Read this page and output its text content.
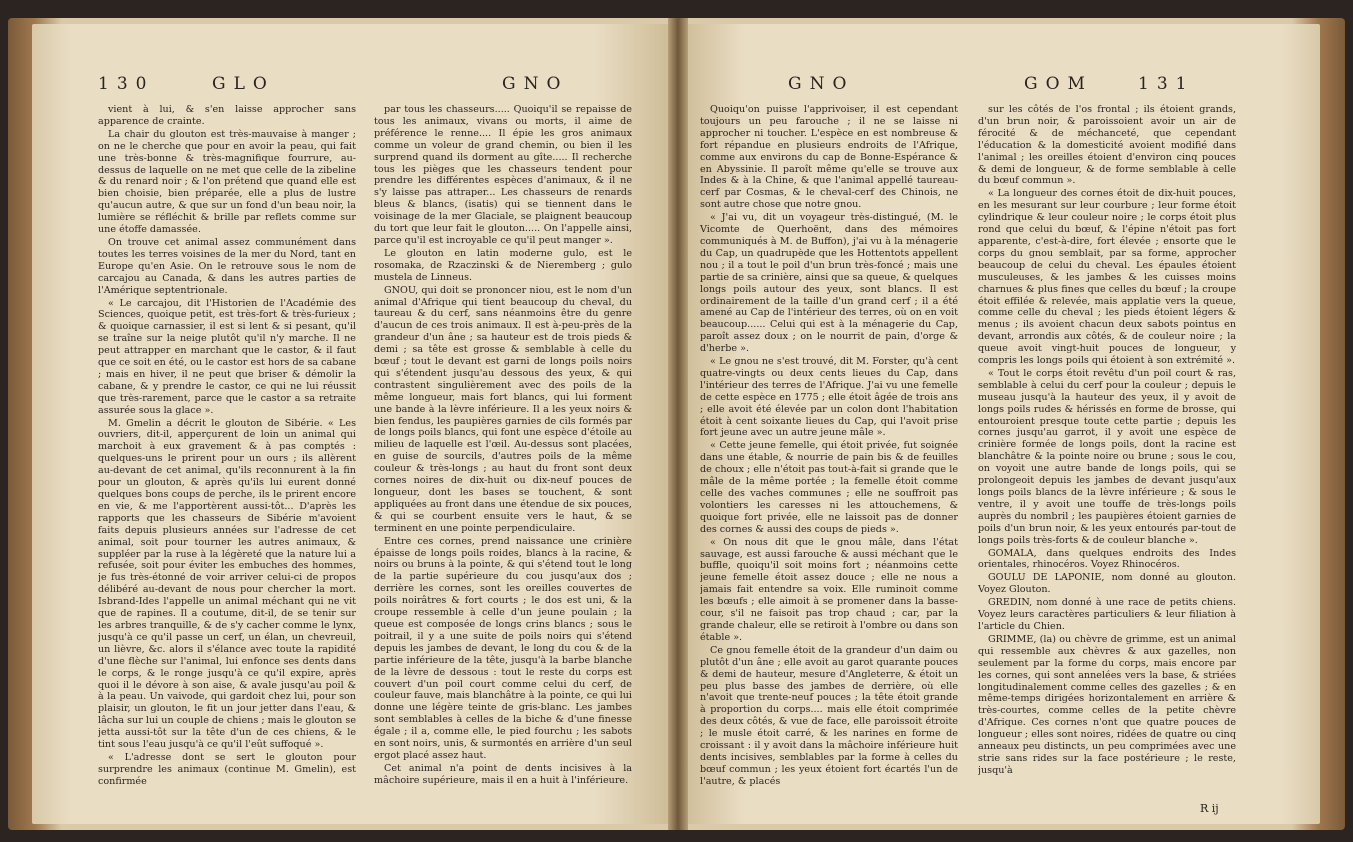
130	GLO	GNO

vient à lui, & s'en laisse approcher sans apparence de crainte.

La chair du glouton est très-mauvaise à manger ; on ne le cherche que pour en avoir la peau, qui fait une très-bonne & très-magnifique fourrure, au-dessus de laquelle on ne met que celle de la zibeline & du renard noir ; & l'on prétend que quand elle est bien choisie, bien préparée, elle a plus de lustre qu'aucun autre, & que sur un fond d'un beau noir, la lumière se réfléchit & brille par reflets comme sur une étoffe damassée.

On trouve cet animal assez communément dans toutes les terres voisines de la mer du Nord, tant en Europe qu'en Asie. On le retrouve sous le nom de carcajou au Canada, & dans les autres parties de l'Amérique septentrionale.

« Le carcajou, dit l'Historien de l'Académie des Sciences, quoique petit, est très-fort & très-furieux ; & quoique carnassier, il est si lent & si pesant, qu'il se traîne sur la neige plutôt qu'il n'y marche. Il ne peut attrapper en marchant que le castor, & il faut que ce soit en été, ou le castor est hors de sa cabane ; mais en hiver, il ne peut que briser & démolir la cabane, & y prendre le castor, ce qui ne lui réussit que très-rarement, parce que le castor a sa retraite assurée sous la glace ».

M. Gmelin a décrit le glouton de Sibérie. « Les ouvriers, dit-il, apperçurent de loin un animal qui marchoit à eux gravement & à pas comptés : quelques-uns le prirent pour un ours ; ils allèrent au-devant de cet animal, qu'ils reconnurent à la fin pour un glouton, & après qu'ils lui eurent donné quelques bons coups de perche, ils le prirent encore en vie, & me l'apportèrent aussi-tôt... D'après les rapports que les chasseurs de Sibérie m'avoient faits depuis plusieurs années sur l'adresse de cet animal, soit pour tourner les autres animaux, & suppléer par la ruse à la légèreté que la nature lui a refusée, soit pour éviter les embuches des hommes, je fus très-étonné de voir arriver celui-ci de propos délibéré au-devant de nous pour chercher la mort. Isbrand-Ides l'appelle un animal méchant qui ne vit que de rapines. Il a coutume, dit-il, de se tenir sur les arbres tranquille, & de s'y cacher comme le lynx, jusqu'à ce qu'il passe un cerf, un élan, un chevreuil, un lièvre, &c. alors il s'élance avec toute la rapidité d'une flèche sur l'animal, lui enfonce ses dents dans le corps, & le ronge jusqu'à ce qu'il expire, après quoi il le dévore à son aise, & avale jusqu'au poil & à la peau. Un vaivode, qui gardoit chez lui, pour son plaisir, un glouton, le fit un jour jetter dans l'eau, & lâcha sur lui un couple de chiens ; mais le glouton se jetta aussi-tôt sur la tête d'un de ces chiens, & le tint sous l'eau jusqu'à ce qu'il l'eût suffoqué ».

« L'adresse dont se sert le glouton pour surprendre les animaux (continue M. Gmelin), est confirmée

par tous les chasseurs..... Quoiqu'il se repaisse de tous les animaux, vivans ou morts, il aime de préférence le renne.... Il épie les gros animaux comme un voleur de grand chemin, ou bien il les surprend quand ils dorment au gîte..... Il recherche tous les pièges que les chasseurs tendent pour prendre les différentes espèces d'animaux, & il ne s'y laisse pas attraper... Les chasseurs de renards bleus & blancs, (isatis) qui se tiennent dans le voisinage de la mer Glaciale, se plaignent beaucoup du tort que leur fait le glouton..... On l'appelle ainsi, parce qu'il est incroyable ce qu'il peut manger ».

Le glouton en latin moderne gulo, est le rosomaka, de Rzaczinski & de Nieremberg ; gulo mustela de Linneus.

GNOU, qui doit se prononcer niou, est le nom d'un animal d'Afrique qui tient beaucoup du cheval, du taureau & du cerf, sans néanmoins être du genre d'aucun de ces trois animaux. Il est à-peu-près de la grandeur d'un âne ; sa hauteur est de trois pieds & demi ; sa tête est grosse & semblable à celle du bœuf ; tout le devant est garni de longs poils noirs qui s'étendent jusqu'au dessous des yeux, & qui contrastent singulièrement avec des poils de la même longueur, mais fort blancs, qui lui forment une bande à la lèvre inférieure. Il a les yeux noirs & bien fendus, les paupières garnies de cils formés par de longs poils blancs, qui font une espèce d'étoile au milieu de laquelle est l'œil. Au-dessus sont placées, en guise de sourcils, d'autres poils de la même couleur & très-longs ; au haut du front sont deux cornes noires de dix-huit ou dix-neuf pouces de longueur, dont les bases se touchent, & sont appliquées au front dans une étendue de six pouces, & qui se courbent ensuite vers le haut, & se terminent en une pointe perpendiculaire.

Entre ces cornes, prend naissance une crinière épaisse de longs poils roides, blancs à la racine, & noirs ou bruns à la pointe, & qui s'étend tout le long de la partie supérieure du cou jusqu'aux dos ; derrière les cornes, sont les oreilles couvertes de poils noirâtres & fort courts ; le dos est uni, & la croupe ressemble à celle d'un jeune poulain ; la queue est composée de longs crins blancs ; sous le poitrail, il y a une suite de poils noirs qui s'étend depuis les jambes de devant, le long du cou & de la partie inférieure de la tête, jusqu'à la barbe blanche de la lèvre de dessous : tout le reste du corps est couvert d'un poil court comme celui du cerf, de couleur fauve, mais blanchâtre à la pointe, ce qui lui donne une légère teinte de gris-blanc. Les jambes sont semblables à celles de la biche & d'une finesse égale ; il a, comme elle, le pied fourchu ; les sabots en sont noirs, unis, & surmontés en arrière d'un seul ergot placé assez haut.

Cet animal n'a point de dents incisives à la mâchoire supérieure, mais il en a huit à l'inférieure.

GNO	GOM	131

Quoiqu'on puisse l'apprivoiser, il est cependant toujours un peu farouche ; il ne se laisse ni approcher ni toucher. L'espèce en est nombreuse & fort répandue en plusieurs endroits de l'Afrique, comme aux environs du cap de Bonne-Espérance & en Abyssinie. Il paroît même qu'elle se trouve aux Indes & à la Chine, & que l'animal appellé taureau-cerf par Cosmas, & le cheval-cerf des Chinois, ne sont autre chose que notre gnou.

« J'ai vu, dit un voyageur très-distingué, (M. le Vicomte de Querhoënt, dans des mémoires communiqués à M. de Buffon), j'ai vu à la ménagerie du Cap, un quadrupède que les Hottentots appellent nou ; il a tout le poil d'un brun très-foncé ; mais une partie de sa crinière, ainsi que sa queue, & quelques longs poils autour des yeux, sont blancs. Il est ordinairement de la taille d'un grand cerf ; il a été amené au Cap de l'intérieur des terres, où on en voit beaucoup...... Celui qui est à la ménagerie du Cap, paroît assez doux ; on le nourrit de pain, d'orge & d'herbe ».

« Le gnou ne s'est trouvé, dit M. Forster, qu'à cent quatre-vingts ou deux cents lieues du Cap, dans l'intérieur des terres de l'Afrique. J'ai vu une femelle de cette espèce en 1775 ; elle étoit âgée de trois ans ; elle avoit été élevée par un colon dont l'habitation étoit à cent soixante lieues du Cap, qui l'avoit prise fort jeune avec un autre jeune mâle ».

« Cette jeune femelle, qui étoit privée, fut soignée dans une étable, & nourrie de pain bis & de feuilles de choux ; elle n'étoit pas tout-à-fait si grande que le mâle de la même portée ; la femelle étoit comme celle des vaches communes ; elle ne souffroit pas volontiers les caresses ni les attouchemens, & quoique fort privée, elle ne laissoit pas de donner des cornes & aussi des coups de pieds ».

« On nous dit que le gnou mâle, dans l'état sauvage, est aussi farouche & aussi méchant que le buffle, quoiqu'il soit moins fort ; néanmoins cette jeune femelle étoit assez douce ; elle ne nous a jamais fait entendre sa voix. Elle ruminoit comme les bœufs ; elle aimoit à se promener dans la basse-cour, s'il ne faisoit pas trop chaud ; car, par la grande chaleur, elle se retiroit à l'ombre ou dans son étable ».

Ce gnou femelle étoit de la grandeur d'un daim ou plutôt d'un âne ; elle avoit au garot quarante pouces & demi de hauteur, mesure d'Angleterre, & étoit un peu plus basse des jambes de derrière, où elle n'avoit que trente-neuf pouces ; la tête étoit grande à proportion du corps.... mais elle étoit comprimée des deux côtés, & vue de face, elle paroissoit étroite ; le musle étoit carré, & les narines en forme de croissant : il y avoit dans la mâchoire inférieure huit dents incisives, semblables par la forme à celles du bœuf commun ; les yeux étoient fort écartés l'un de l'autre, & placés

sur les côtés de l'os frontal ; ils étoient grands, d'un brun noir, & paroissoient avoir un air de férocité & de méchanceté, que cependant l'éducation & la domesticité avoient modifié dans l'animal ; les oreilles étoient d'environ cinq pouces & demi de longueur, & de forme semblable à celle du bœuf commun ».

« La longueur des cornes étoit de dix-huit pouces, en les mesurant sur leur courbure ; leur forme étoit cylindrique & leur couleur noire ; le corps étoit plus rond que celui du bœuf, & l'épine n'étoit pas fort apparente, c'est-à-dire, fort élevée ; ensorte que le corps du gnou semblait, par sa forme, approcher beaucoup de celui du cheval. Les épaules étoient musculeuses, & les jambes & les cuisses moins charnues & plus fines que celles du bœuf ; la croupe étoit effilée & relevée, mais applatie vers la queue, comme celle du cheval ; les pieds étoient légers & menus ; ils avoient chacun deux sabots pointus en devant, arrondis aux côtés, & de couleur noire ; la queue avoit vingt-huit pouces de longueur, y compris les longs poils qui étoient à son extrémité ».

« Tout le corps étoit revêtu d'un poil court & ras, semblable à celui du cerf pour la couleur ; depuis le museau jusqu'à la hauteur des yeux, il y avoit de longs poils rudes & hérissés en forme de brosse, qui entouroient presque toute cette partie ; depuis les cornes jusqu'au garrot, il y avoit une espèce de crinière formée de longs poils, dont la racine est blanchâtre & la pointe noire ou brune ; sous le cou, on voyoit une autre bande de longs poils, qui se prolongeoit depuis les jambes de devant jusqu'aux longs poils blancs de la lèvre inférieure ; & sous le ventre, il y avoit une touffe de très-longs poils auprès du nombril ; les paupières étoient garnies de poils d'un brun noir, & les yeux entourés par-tout de longs poils très-forts & de couleur blanche ».

GOMALA, dans quelques endroits des Indes orientales, rhinocéros. Voyez Rhinocéros.

GOULU DE LAPONIE, nom donné au glouton. Voyez Glouton.

GREDIN, nom donné à une race de petits chiens. Voyez leurs caractères particuliers & leur filiation à l'article du Chien.

GRIMME, (la) ou chèvre de grimme, est un animal qui ressemble aux chèvres & aux gazelles, non seulement par la forme du corps, mais encore par les cornes, qui sont annelées vers la base, & striées longitudinalement comme celles des gazelles ; & en même-temps dirigées horizontalement en arrière & très-courtes, comme celles de la petite chèvre d'Afrique. Ces cornes n'ont que quatre pouces de longueur ; elles sont noires, ridées de quatre ou cinq anneaux peu distincts, un peu comprimées avec une strie sans rides sur la face postérieure ; le reste, jusqu'à

R ij
